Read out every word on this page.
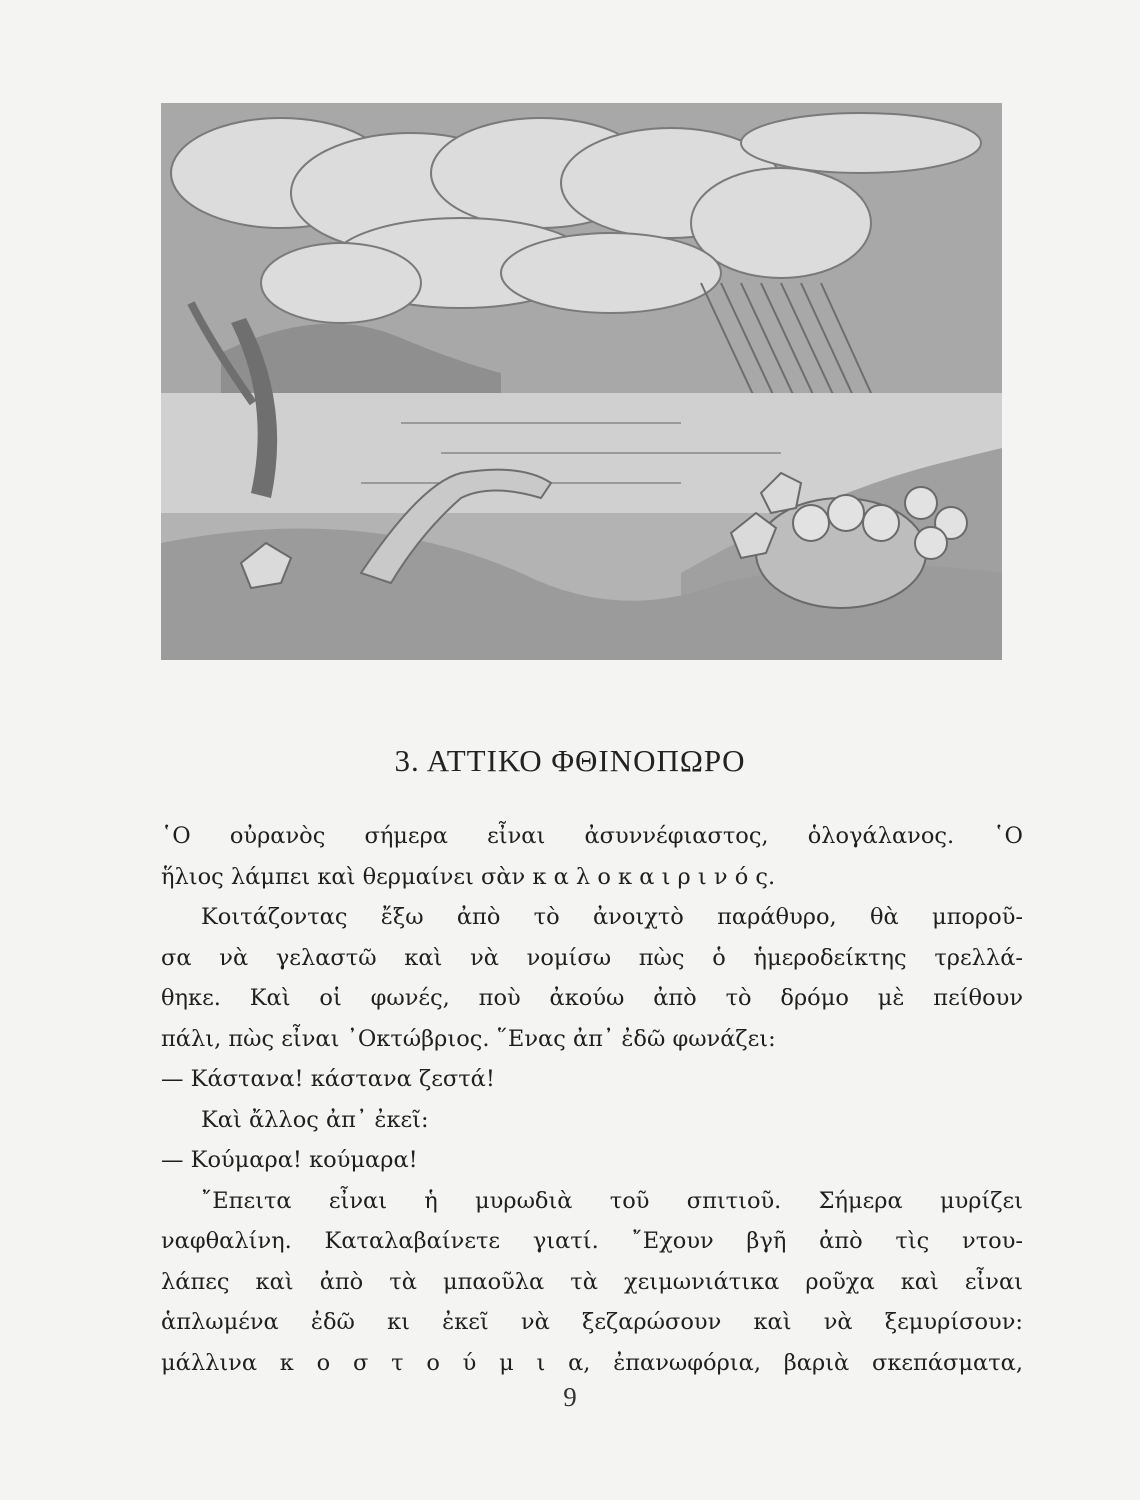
3. ΑΤΤΙΚΟ ΦΘΙΝΟΠΩΡΟ
῾Ο οὐρανὸς σήμερα εἶναι ἀσυννέφιαστος, ὁλογάλανος. ῾Ο
ἥλιος λάμπει καὶ θερμαίνει σὰν κ α λ ο κ α ι ρ ι ν ό ς.
Κοιτάζοντας ἔξω ἀπὸ τὸ ἀνοιχτὸ παράθυρο, θὰ μποροῦ-
σα νὰ γελαστῶ καὶ νὰ νομίσω πὼς ὁ ἡμεροδείκτης τρελλά-
θηκε. Καὶ οἱ φωνές, ποὺ ἀκούω ἀπὸ τὸ δρόμο μὲ πείθουν
πάλι, πὼς εἶναι ᾿Οκτώβριος. ῞Ενας ἀπ᾿ ἐδῶ φωνάζει:
— Κάστανα! κάστανα ζεστά!
Καὶ ἄλλος ἀπ᾿ ἐκεῖ:
— Κούμαρα! κούμαρα!
῎Επειτα εἶναι ἡ μυρωδιὰ τοῦ σπιτιοῦ. Σήμερα μυρίζει
ναφθαλίνη. Καταλαβαίνετε γιατί. ῎Εχουν βγῆ ἀπὸ τὶς ντου-
λάπες καὶ ἀπὸ τὰ μπαοῦλα τὰ χειμωνιάτικα ροῦχα καὶ εἶναι
ἁπλωμένα ἐδῶ κι ἐκεῖ νὰ ξεζαρώσουν καὶ νὰ ξεμυρίσουν:
μάλλινα κ ο σ τ ο ύ μ ι α, ἐπανωφόρια, βαριὰ σκεπάσματα,
9
